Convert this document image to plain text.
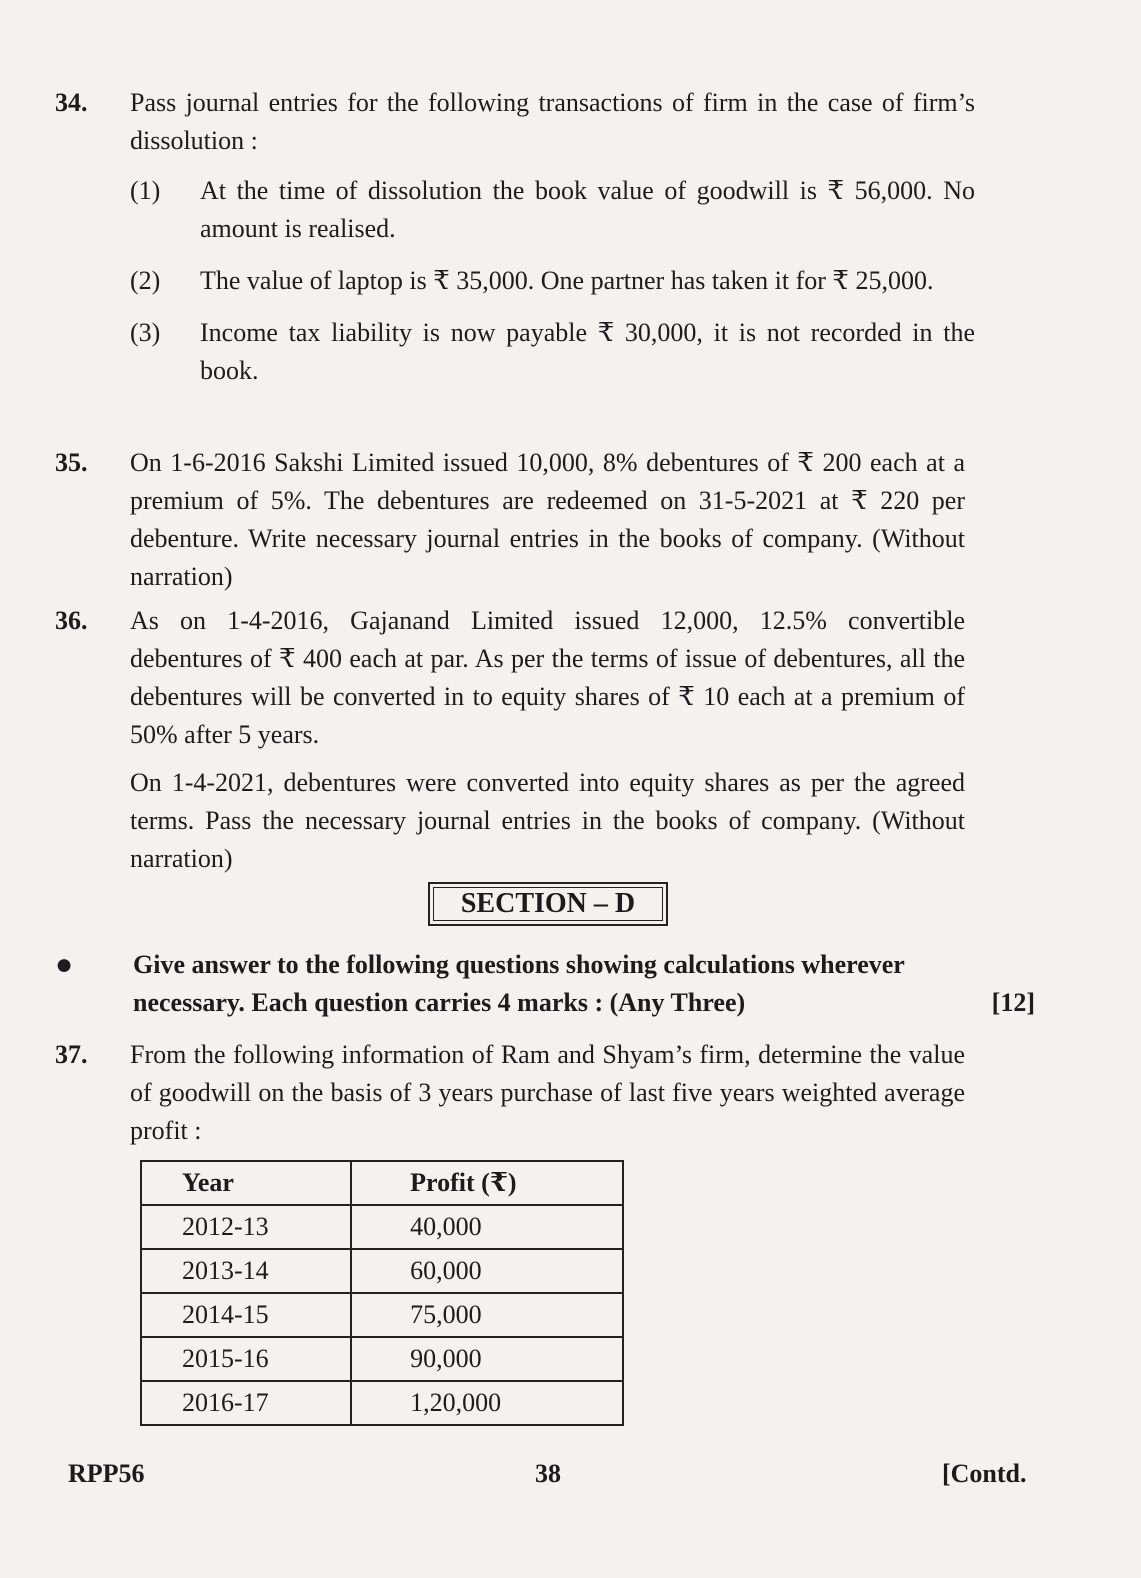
34. Pass journal entries for the following transactions of firm in the case of firm’s dissolution :
(1) At the time of dissolution the book value of goodwill is ₹ 56,000. No amount is realised.
(2) The value of laptop is ₹ 35,000. One partner has taken it for ₹ 25,000.
(3) Income tax liability is now payable ₹ 30,000, it is not recorded in the book.
35. On 1-6-2016 Sakshi Limited issued 10,000, 8% debentures of ₹ 200 each at a premium of 5%. The debentures are redeemed on 31-5-2021 at ₹ 220 per debenture. Write necessary journal entries in the books of company. (Without narration)
36. As on 1-4-2016, Gajanand Limited issued 12,000, 12.5% convertible debentures of ₹ 400 each at par. As per the terms of issue of debentures, all the debentures will be converted in to equity shares of ₹ 10 each at a premium of 50% after 5 years.

On 1-4-2021, debentures were converted into equity shares as per the agreed terms. Pass the necessary journal entries in the books of company. (Without narration)

SECTION – D
● Give answer to the following questions showing calculations wherever necessary. Each question carries 4 marks : (Any Three)	[12]
37. From the following information of Ram and Shyam’s firm, determine the value of goodwill on the basis of 3 years purchase of last five years weighted average profit :
Year	Profit (₹)
2012-13	40,000
2013-14	60,000
2014-15	75,000
2015-16	90,000
2016-17	1,20,000
RPP56	38	[Contd.
